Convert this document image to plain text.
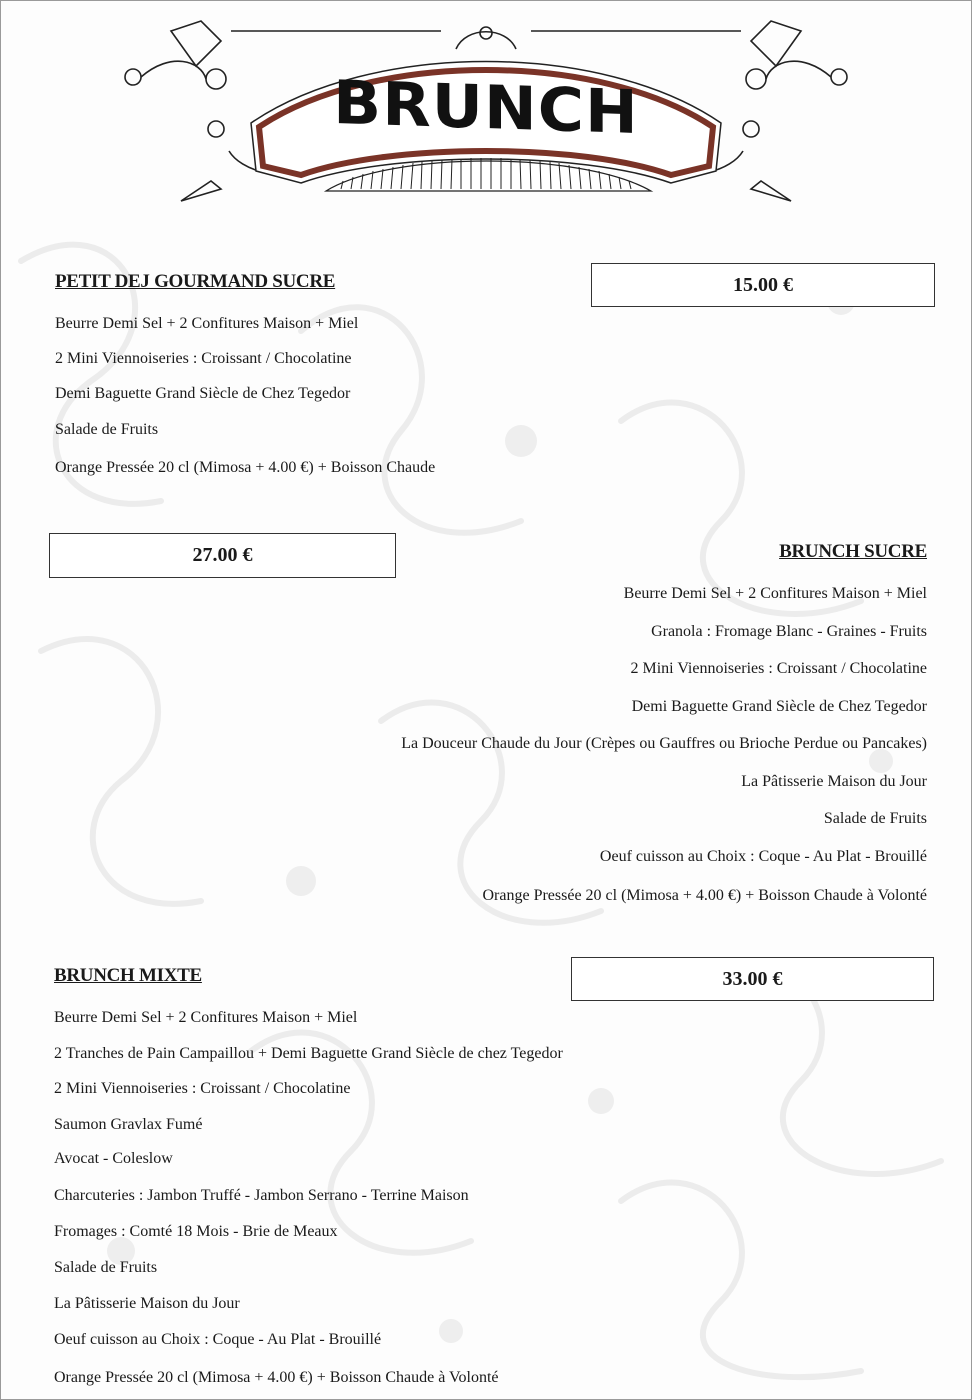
BRUNCH
PETIT DEJ GOURMAND SUCRE	15.00 €

Beurre Demi Sel + 2 Confitures Maison + Miel

2 Mini Viennoiseries : Croissant / Chocolatine

Demi Baguette Grand Siècle de Chez Tegedor

Salade de Fruits

Orange Pressée 20 cl (Mimosa + 4.00 €) + Boisson Chaude

27.00 €	BRUNCH SUCRE

Beurre Demi Sel + 2 Confitures Maison + Miel

Granola : Fromage Blanc - Graines - Fruits

2 Mini Viennoiseries : Croissant / Chocolatine

Demi Baguette Grand Siècle de Chez Tegedor

La Douceur Chaude du Jour (Crèpes ou Gauffres ou Brioche Perdue ou Pancakes)

La Pâtisserie Maison du Jour

Salade de Fruits

Oeuf cuisson au Choix : Coque - Au Plat - Brouillé

Orange Pressée 20 cl (Mimosa + 4.00 €) + Boisson Chaude à Volonté

BRUNCH MIXTE	33.00 €

Beurre Demi Sel + 2 Confitures Maison + Miel

2 Tranches de Pain Campaillou + Demi Baguette Grand Siècle de chez Tegedor

2 Mini Viennoiseries : Croissant / Chocolatine

Saumon Gravlax Fumé

Avocat - Coleslow

Charcuteries : Jambon Truffé - Jambon Serrano - Terrine Maison

Fromages : Comté 18 Mois - Brie de Meaux

Salade de Fruits

La Pâtisserie Maison du Jour

Oeuf cuisson au Choix : Coque - Au Plat - Brouillé

Orange Pressée 20 cl (Mimosa + 4.00 €) + Boisson Chaude à Volonté
